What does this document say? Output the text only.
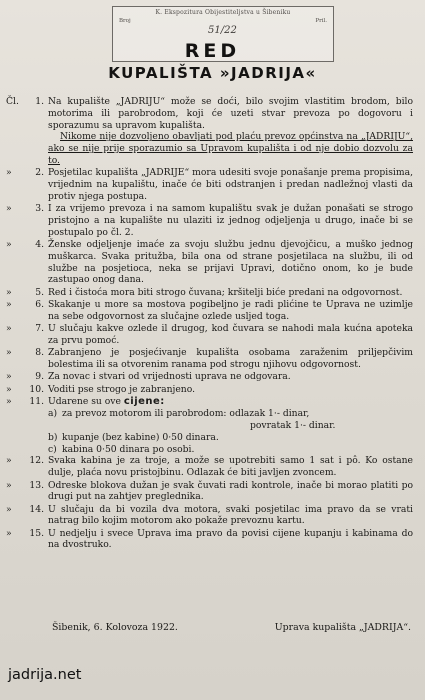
K. Ekspozitura Obijestiteljstva u Šibeniku
Broj	Pril.
51/22
RED
KUPALIŠTA »JADRIJA«
Čl.	1. Na kupalište „JADRIJU“ može se doći, bilo svojim vlastitim brodom, bilo motorima ili parobrodom, koji će uzeti stvar prevoza po dogovoru i sporazumu sa upravom kupališta.

Nikome nije dozvoljeno obavljati pod plaću prevoz općinstva na „JADRIJU“, ako se nije prije sporazumio sa Upravom kupališta i od nje dobio dozvolu za to.

»	2. Posjetilac kupališta „JADRIJE“ mora udesiti svoje ponašanje prema propisima, vrijednim na kupalištu, inače će biti odstranjen i predan nadležnoj vlasti da protiv njega postupa.

»	3. I za vrijemo prevoza i na samom kupalištu svak je dužan ponašati se strogo pristojno a na kupalište nu ulaziti iz jednog odjeljenja u drugo, inače bi se postupalo po čl. 2.

»	4. Ženske odjeljenje imaće za svoju službu jednu djevojčicu, a muško jednog muškarca. Svaka pritužba, bila ona od strane posjetilaca na službu, ili od službe na posjetioca, neka se prijavi Upravi, dotično onom, ko je bude zastupao onog dana.

»	5. Red i čistoća mora biti strogo čuvana; kršitelji biće predani na odgovornost.

»	6. Skakanje u more sa mostova pogibeljno je radi plićine te Uprava ne uzimlje na sebe odgovornost za slučajne ozlede usljed toga.

»	7. U slučaju kakve ozlede il drugog, kod čuvara se nahodi mala kućna apoteka za prvu pomoć.

»	8. Zabranjeno je posjećivanje kupališta osobama zaraženim priljepčivim bolestima ili sa otvorenim ranama pod strogu njihovu odgovornost.

»	9. Za novac i stvari od vrijednosti uprava ne odgovara.

»	10. Voditi pse strogo je zabranjeno.

»	11. Udarene su ove cijene:

a) za prevoz motorom ili parobrodom: odlazak 1·- dinar,
povratak 1·- dinar.
b) kupanje (bez kabine) 0·50 dinara.
c) kabina 0·50 dinara po osobi.
»	12. Svaka kabina je za troje, a može se upotrebiti samo 1 sat i pô. Ko ostane dulje, plaća novu pristojbinu. Odlazak će biti javljen zvoncem.

»	13. Odreske blokova dužan je svak čuvati radi kontrole, inače bi morao platiti po drugi put na zahtjev preglednika.

»	14. U slučaju da bi vozila dva motora, svaki posjetilac ima pravo da se vrati natrag bilo kojim motorom ako pokaže prevoznu kartu.

»	15. U nedjelju i svece Uprava ima pravo da povisi cijene kupanju i kabinama do na dvostruko.

Šibenik, 6. Kolovoza 1922.	Uprava kupališta „JADRIJA“.
jadrija.net
